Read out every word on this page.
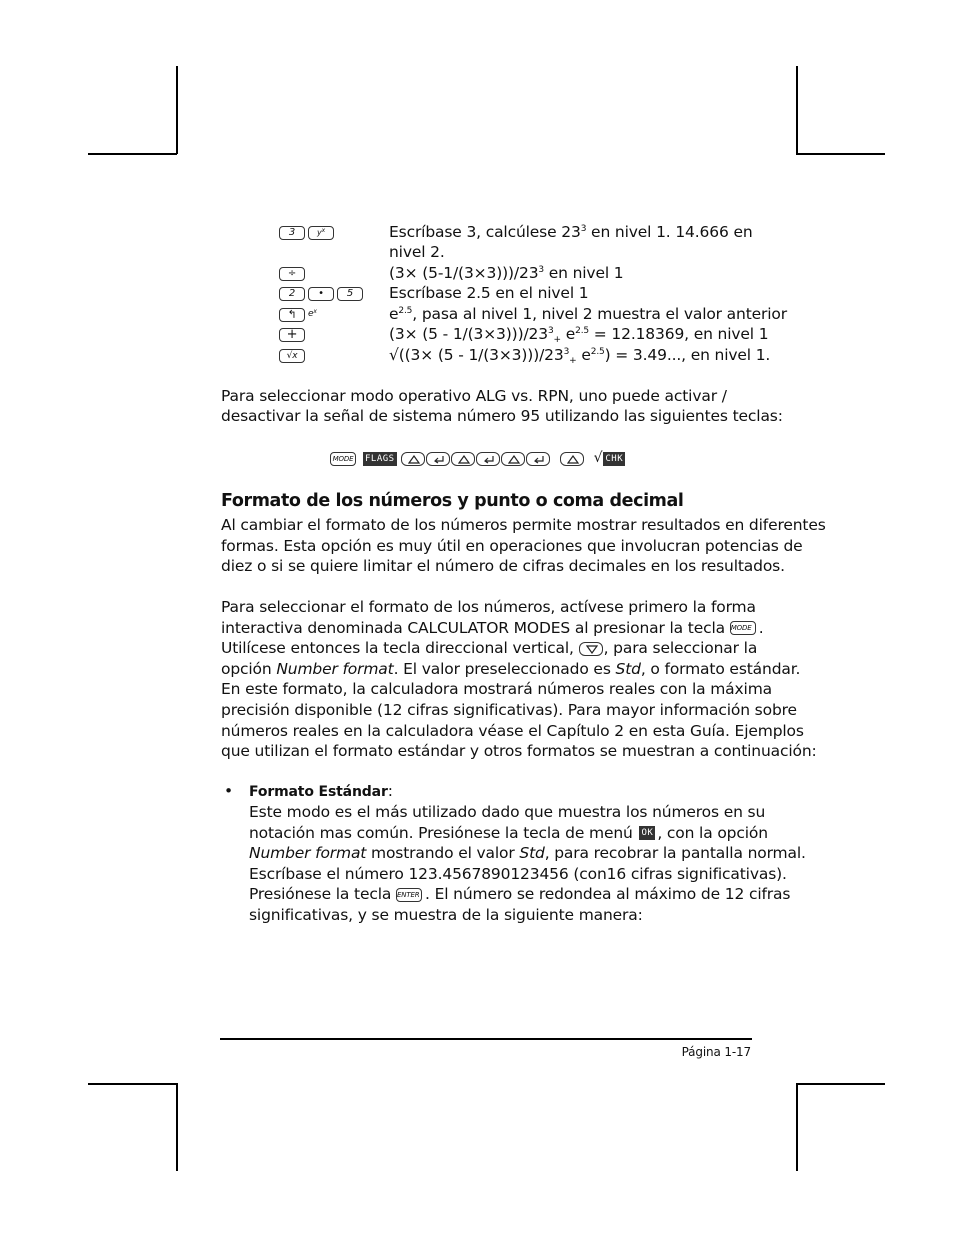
3	$y^x$	Escríbase 3, calcúlese $23^3$ en nivel 1. 14.666 en
nivel 2.
÷	$(3\times (5-1/(3\times 3)))/23^3$ en nivel 1
2 • 5	Escríbase 2.5 en el nivel 1
↰ $e^x$	$e^{2.5}$, pasa al nivel 1, nivel 2 muestra el valor anterior
+	$(3\times (5 - 1/(3\times 3)))/23^3_+$ $e^{2.5} = 12.18369$, en nivel 1
√x	$√((3\times (5 - 1/(3\times 3)))/23^3_+$ $e^{2.5}) = 3.49$..., en nivel 1.
Para seleccionar modo operativo ALG vs. RPN, uno puede activar /
desactivar la señal de sistema número 95 utilizando las siguientes teclas:
MODE FLAGS	√ CHK
Formato de los números y punto o coma decimal
Al cambiar el formato de los números permite mostrar resultados en diferentes
formas. Esta opción es muy útil en operaciones que involucran potencias de
diez o si se quiere limitar el número de cifras decimales en los resultados.
Para seleccionar el formato de los números, actívese primero la forma
interactiva denominada CALCULATOR MODES al presionar la tecla MODE .
Utilícese entonces la tecla direccional vertical, , para seleccionar la
opción Number format. El valor preseleccionado es Std, o formato estándar.
En este formato, la calculadora mostrará números reales con la máxima
precisión disponible (12 cifras significativas). Para mayor información sobre
números reales en la calculadora véase el Capítulo 2 en esta Guía. Ejemplos
que utilizan el formato estándar y otros formatos se muestran a continuación:
• Formato Estándar:
Este modo es el más utilizado dado que muestra los números en su
notación mas común. Presiónese la tecla de menú OK , con la opción
Number format mostrando el valor Std, para recobrar la pantalla normal.
Escríbase el número 123.4567890123456 (con16 cifras significativas).
Presiónese la tecla ENTER . El número se redondea al máximo de 12 cifras
significativas, y se muestra de la siguiente manera:
Página 1-17
